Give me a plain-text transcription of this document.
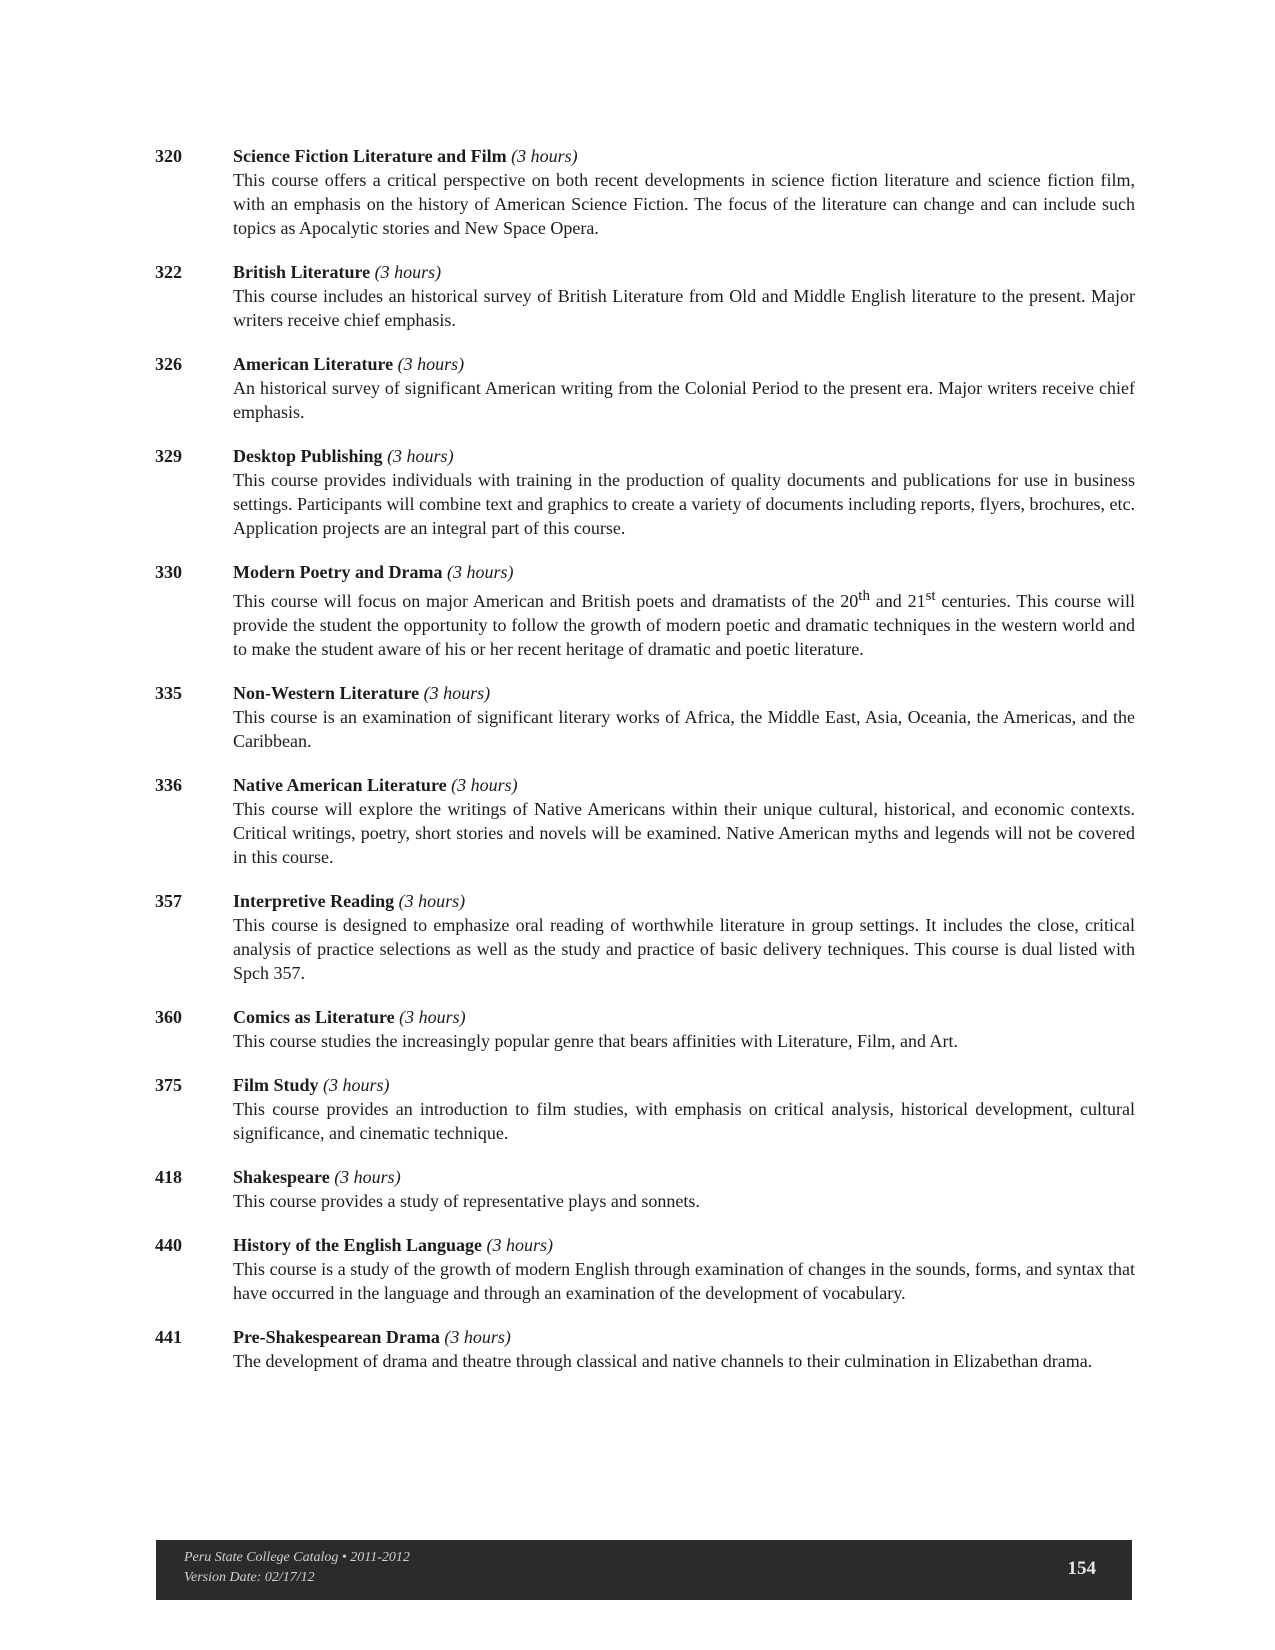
320	Science Fiction Literature and Film (3 hours)
This course offers a critical perspective on both recent developments in science fiction literature and science fiction film, with an emphasis on the history of American Science Fiction. The focus of the literature can change and can include such topics as Apocalytic stories and New Space Opera.
322	British Literature (3 hours)
This course includes an historical survey of British Literature from Old and Middle English literature to the present. Major writers receive chief emphasis.
326	American Literature (3 hours)
An historical survey of significant American writing from the Colonial Period to the present era. Major writers receive chief emphasis.
329	Desktop Publishing (3 hours)
This course provides individuals with training in the production of quality documents and publications for use in business settings. Participants will combine text and graphics to create a variety of documents including reports, flyers, brochures, etc. Application projects are an integral part of this course.
330	Modern Poetry and Drama (3 hours)
This course will focus on major American and British poets and dramatists of the 20th and 21st centuries. This course will provide the student the opportunity to follow the growth of modern poetic and dramatic techniques in the western world and to make the student aware of his or her recent heritage of dramatic and poetic literature.
335	Non-Western Literature (3 hours)
This course is an examination of significant literary works of Africa, the Middle East, Asia, Oceania, the Americas, and the Caribbean.
336	Native American Literature (3 hours)
This course will explore the writings of Native Americans within their unique cultural, historical, and economic contexts. Critical writings, poetry, short stories and novels will be examined. Native American myths and legends will not be covered in this course.
357	Interpretive Reading (3 hours)
This course is designed to emphasize oral reading of worthwhile literature in group settings. It includes the close, critical analysis of practice selections as well as the study and practice of basic delivery techniques. This course is dual listed with Spch 357.
360	Comics as Literature (3 hours)
This course studies the increasingly popular genre that bears affinities with Literature, Film, and Art.
375	Film Study (3 hours)
This course provides an introduction to film studies, with emphasis on critical analysis, historical development, cultural significance, and cinematic technique.
418	Shakespeare (3 hours)
This course provides a study of representative plays and sonnets.
440	History of the English Language (3 hours)
This course is a study of the growth of modern English through examination of changes in the sounds, forms, and syntax that have occurred in the language and through an examination of the development of vocabulary.
441	Pre-Shakespearean Drama (3 hours)
The development of drama and theatre through classical and native channels to their culmination in Elizabethan drama.
Peru State College Catalog • 2011-2012
Version Date: 02/17/12	154
